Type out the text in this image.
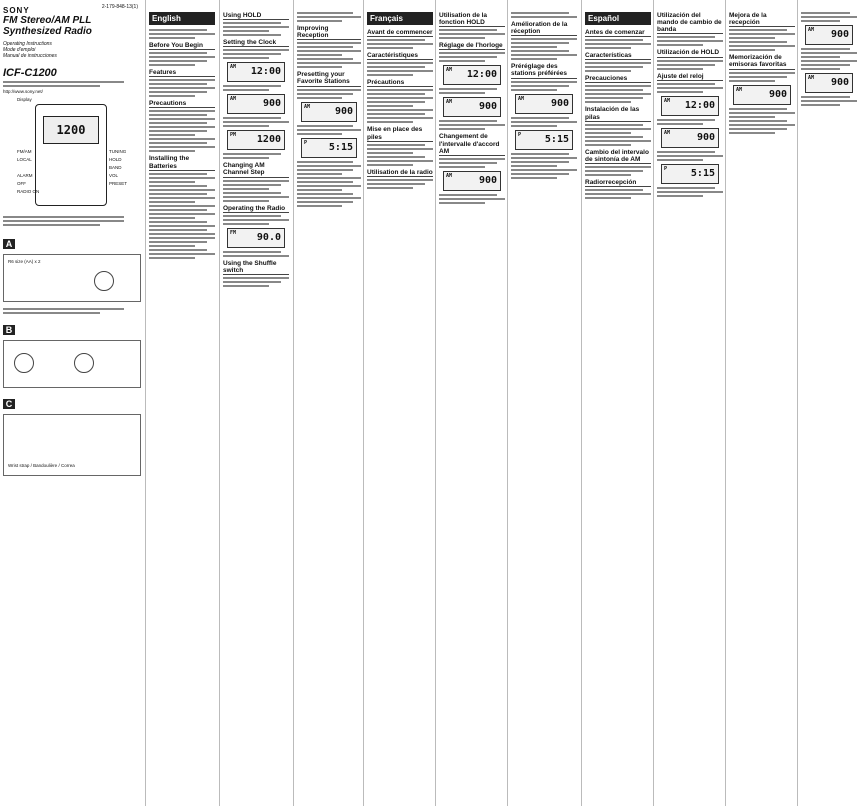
2-179-848-13(1)
SONY
FM Stereo/AM PLL
Synthesized Radio
Operating Instructions
Mode d'emploi
Manual de instrucciones
ICF-C1200
http://www.sony.net/
Display
1200
FM/AM
LOCAL
ALARM
OFF
RADIO ON
TUNING
HOLD
BAND
VOL
PRESET
A
R6 size (AA) x 2
B
C
Wrist strap / Bandoulière / Correa
English
Before You Begin
Features
Precautions
Installing the Batteries
Using HOLD
Setting the Clock
AM 12:00
AM	900
PM 1200
Changing AM Channel Step
Operating the Radio
FM 90.0
Using the Shuffle switch
Improving Reception
Presetting your Favorite Stations
AM 900
P 5:15
Français
Avant de commencer
Caractéristiques
Précautions
Mise en place des piles
Utilisation de la radio
Utilisation de la fonction HOLD
Réglage de l'horloge
AM 12:00
AM	900
Changement de l'intervalle d'accord AM
AM	900
Amélioration de la réception
Préréglage des stations préférées
AM	900
P 5:15
Español
Antes de comenzar
Características
Precauciones
Instalación de las pilas
Cambio del intervalo de sintonía de AM
Radiorrecepción
Utilización del mando de cambio de banda
Utilización de HOLD
Ajuste del reloj
AM 12:00
AM	900
P 5:15
Mejora de la recepción
Memorización de emisoras favoritas
AM	900
AM 900
AM 900
